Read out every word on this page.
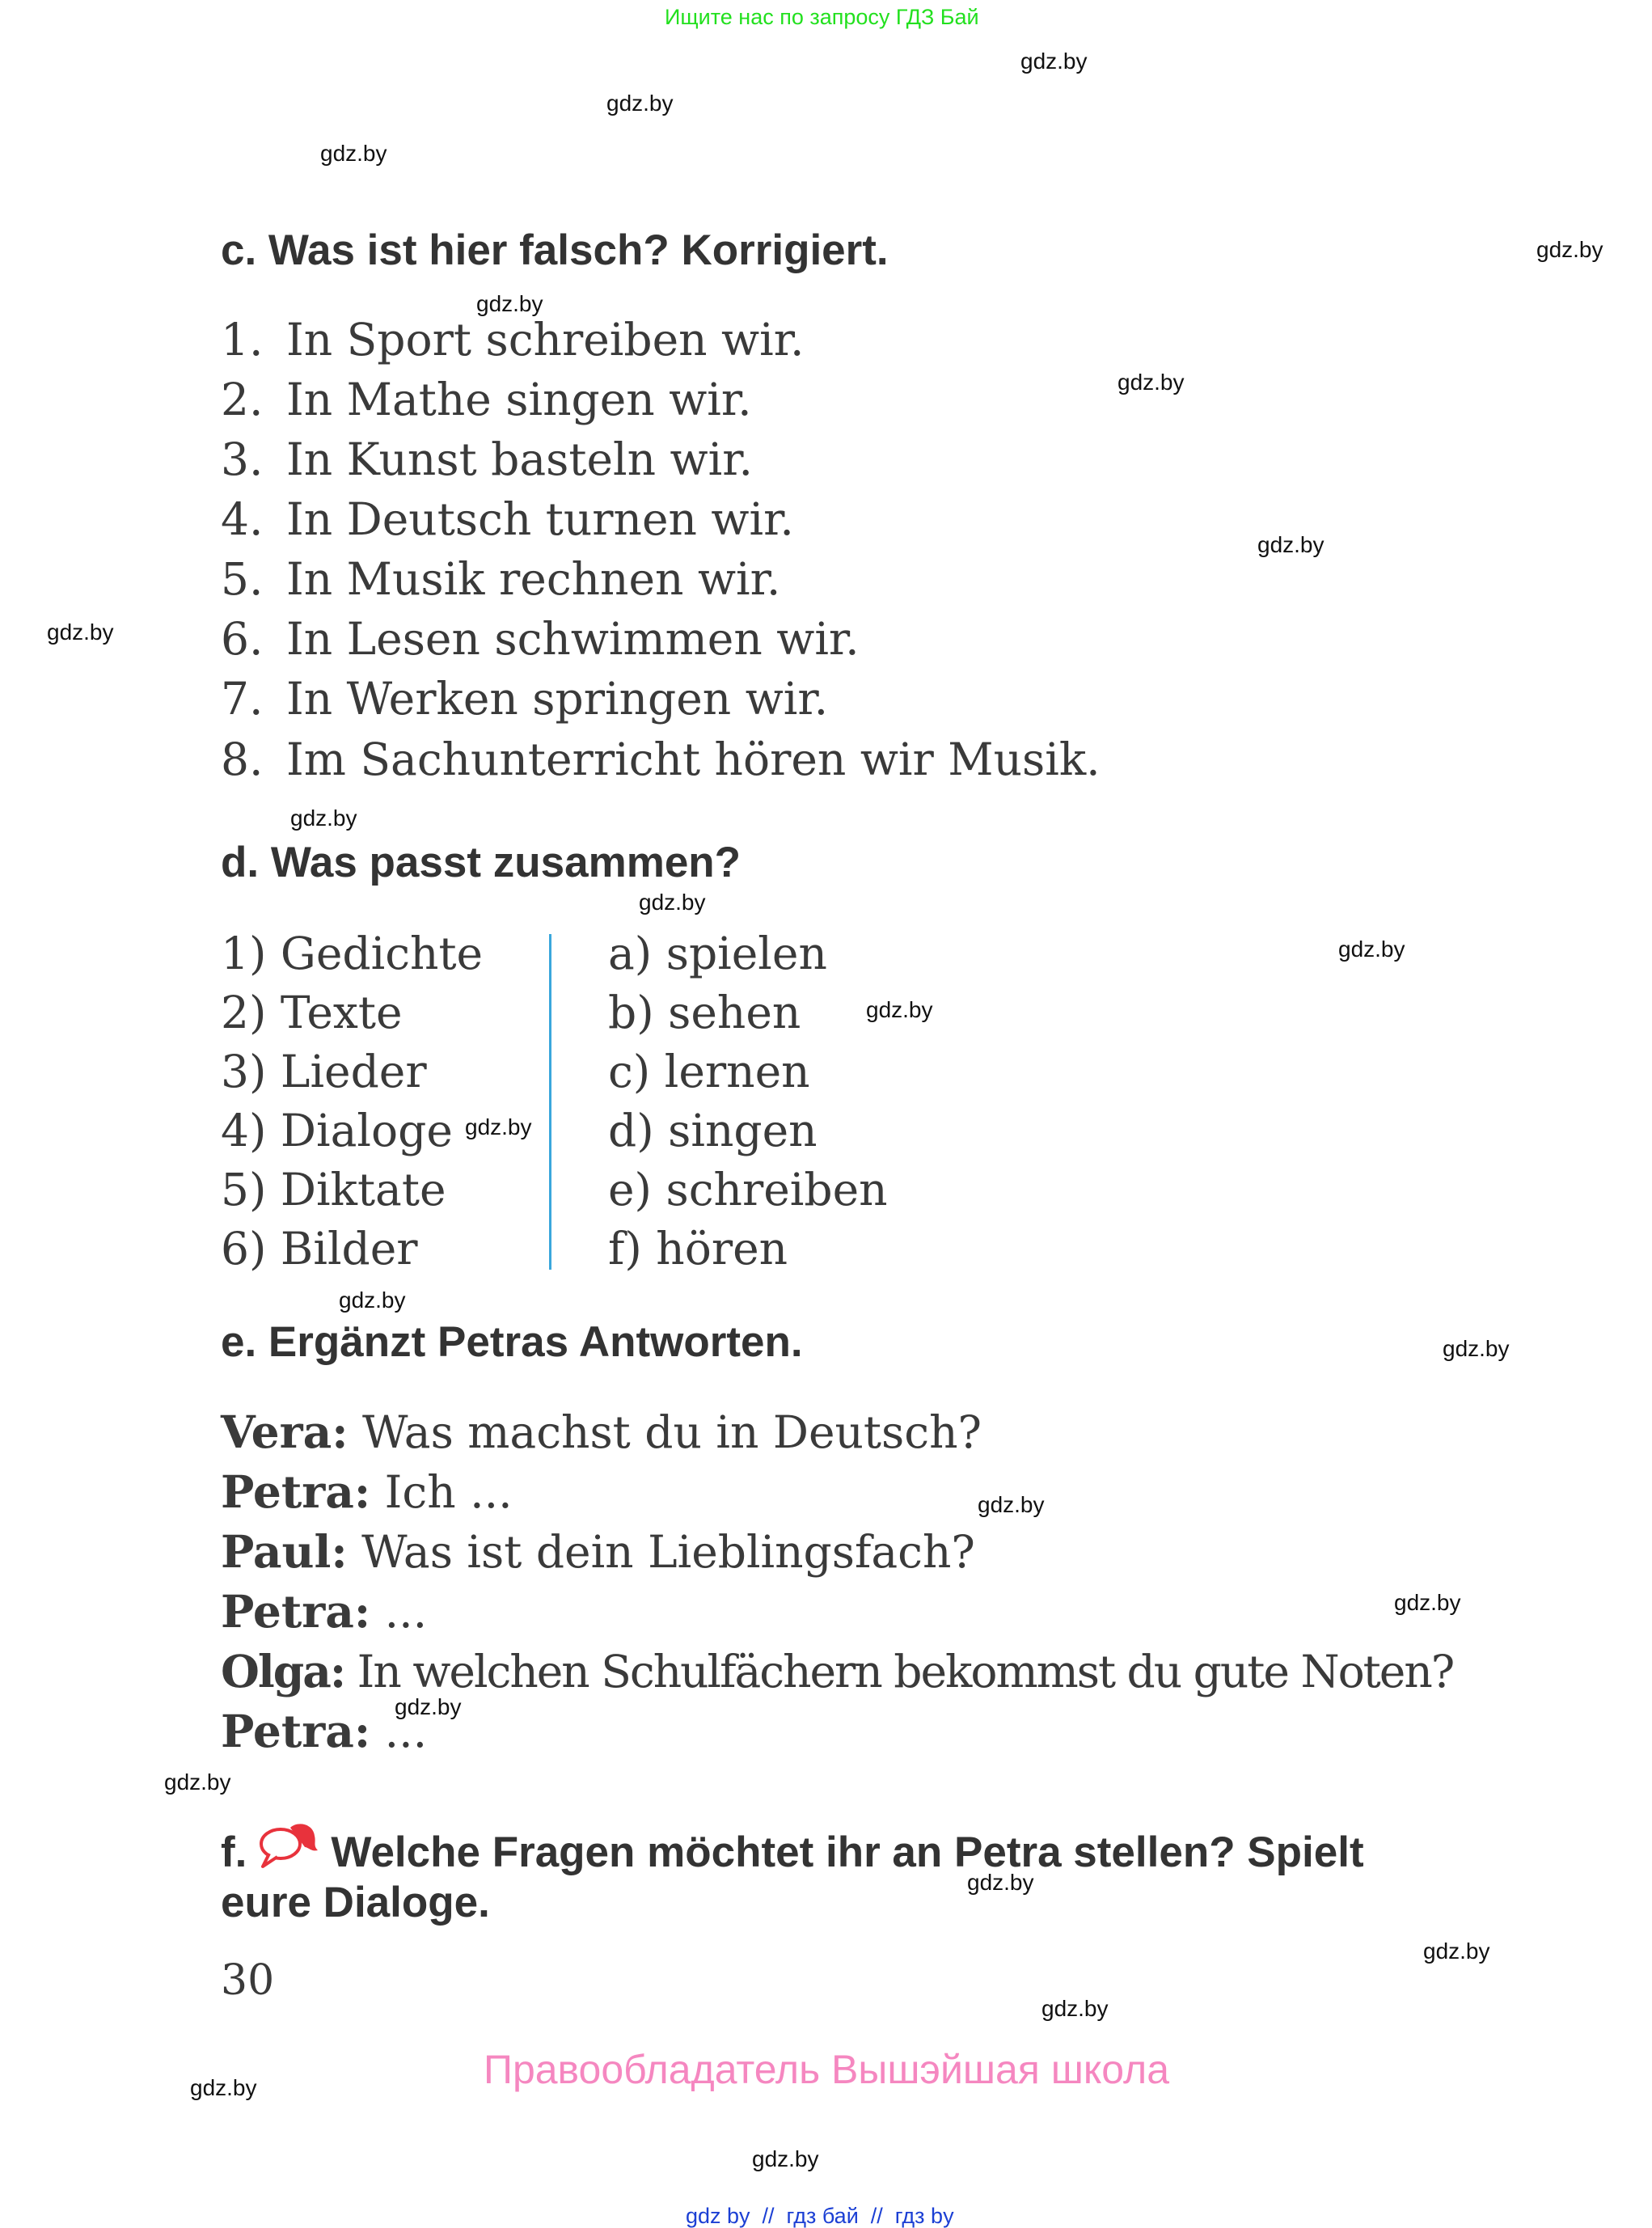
Ищите нас по запросу ГДЗ Бай
gdz.by
gdz.by
gdz.by
gdz.by
gdz.by
gdz.by
gdz.by
gdz.by
gdz.by
gdz.by
gdz.by
gdz.by
gdz.by
gdz.by
gdz.by
gdz.by
gdz.by
gdz.by
gdz.by
gdz.by
gdz.by
gdz.by
gdz.by
gdz.by
c. Was ist hier falsch? Korrigiert.
1. In Sport schreiben wir.
2. In Mathe singen wir.
3. In Kunst basteln wir.
4. In Deutsch turnen wir.
5. In Musik rechnen wir.
6. In Lesen schwimmen wir.
7. In Werken springen wir.
8. Im Sachunterricht hören wir Musik.
d. Was passt zusammen?
1) Gedichte
2) Texte
3) Lieder
4) Dialoge
5) Diktate
6) Bilder
a) spielen
b) sehen
c) lernen
d) singen
e) schreiben
f) hören
e. Ergänzt Petras Antworten.
Vera: Was machst du in Deutsch?
Petra: Ich ...
Paul: Was ist dein Lieblingsfach?
Petra: ...
Olga: In welchen Schulfächern bekommst du gute Noten?
Petra: ...
f. Welche Fragen möchtet ihr an Petra stellen? Spielt
eure Dialoge.
30
Правообладатель Вышэйшая школа
gdz by  //  гдз бай  //  гдз by
